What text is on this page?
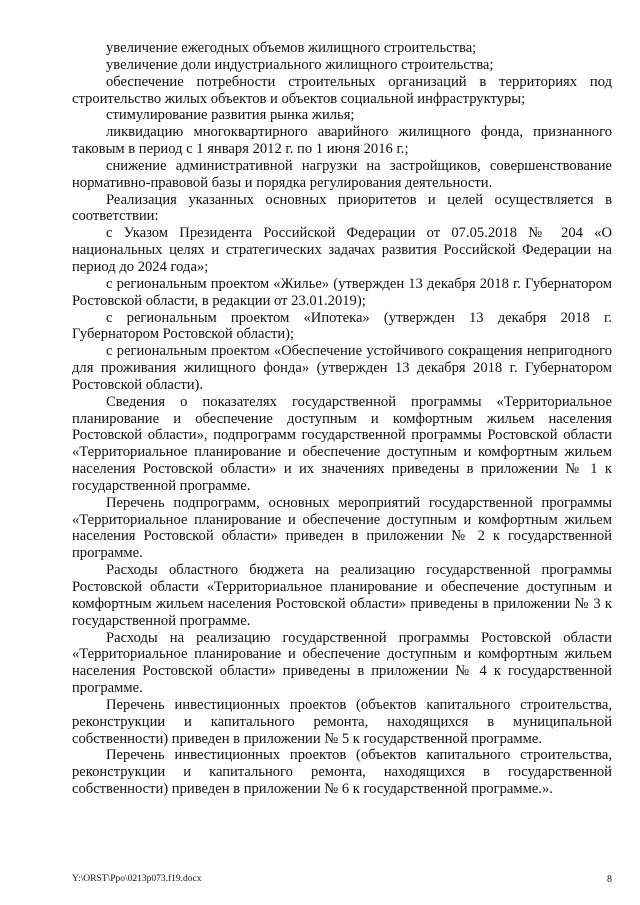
увеличение ежегодных объемов жилищного строительства;

увеличение доли индустриального жилищного строительства;

обеспечение потребности строительных организаций в территориях под строительство жилых объектов и объектов социальной инфраструктуры;

стимулирование развития рынка жилья;

ликвидацию многоквартирного аварийного жилищного фонда, признанного таковым в период с 1 января 2012 г. по 1 июня 2016 г.;

снижение административной нагрузки на застройщиков, совершенствование нормативно-правовой базы и порядка регулирования деятельности.

Реализация указанных основных приоритетов и целей осуществляется в соответствии:

с Указом Президента Российской Федерации от 07.05.2018 № 204 «О национальных целях и стратегических задачах развития Российской Федерации на период до 2024 года»;

с региональным проектом «Жилье» (утвержден 13 декабря 2018 г. Губернатором Ростовской области, в редакции от 23.01.2019);

с региональным проектом «Ипотека» (утвержден 13 декабря 2018 г. Губернатором Ростовской области);

с региональным проектом «Обеспечение устойчивого сокращения непригодного для проживания жилищного фонда» (утвержден 13 декабря 2018 г. Губернатором Ростовской области).

Сведения о показателях государственной программы «Территориальное планирование и обеспечение доступным и комфортным жильем населения Ростовской области», подпрограмм государственной программы Ростовской области «Территориальное планирование и обеспечение доступным и комфортным жильем населения Ростовской области» и их значениях приведены в приложении № 1 к государственной программе.

Перечень подпрограмм, основных мероприятий государственной программы «Территориальное планирование и обеспечение доступным и комфортным жильем населения Ростовской области» приведен в приложении № 2 к государственной программе.

Расходы областного бюджета на реализацию государственной программы Ростовской области «Территориальное планирование и обеспечение доступным и комфортным жильем населения Ростовской области» приведены в приложении № 3 к государственной программе.

Расходы на реализацию государственной программы Ростовской области «Территориальное планирование и обеспечение доступным и комфортным жильем населения Ростовской области» приведены в приложении № 4 к государственной программе.

Перечень инвестиционных проектов (объектов капитального строительства, реконструкции и капитального ремонта, находящихся в муниципальной собственности) приведен в приложении № 5 к государственной программе.

Перечень инвестиционных проектов (объектов капитального строительства, реконструкции и капитального ремонта, находящихся в государственной собственности) приведен в приложении № 6 к государственной программе.».

Y:\ORST\Ppo\0213p073.f19.docx	8
